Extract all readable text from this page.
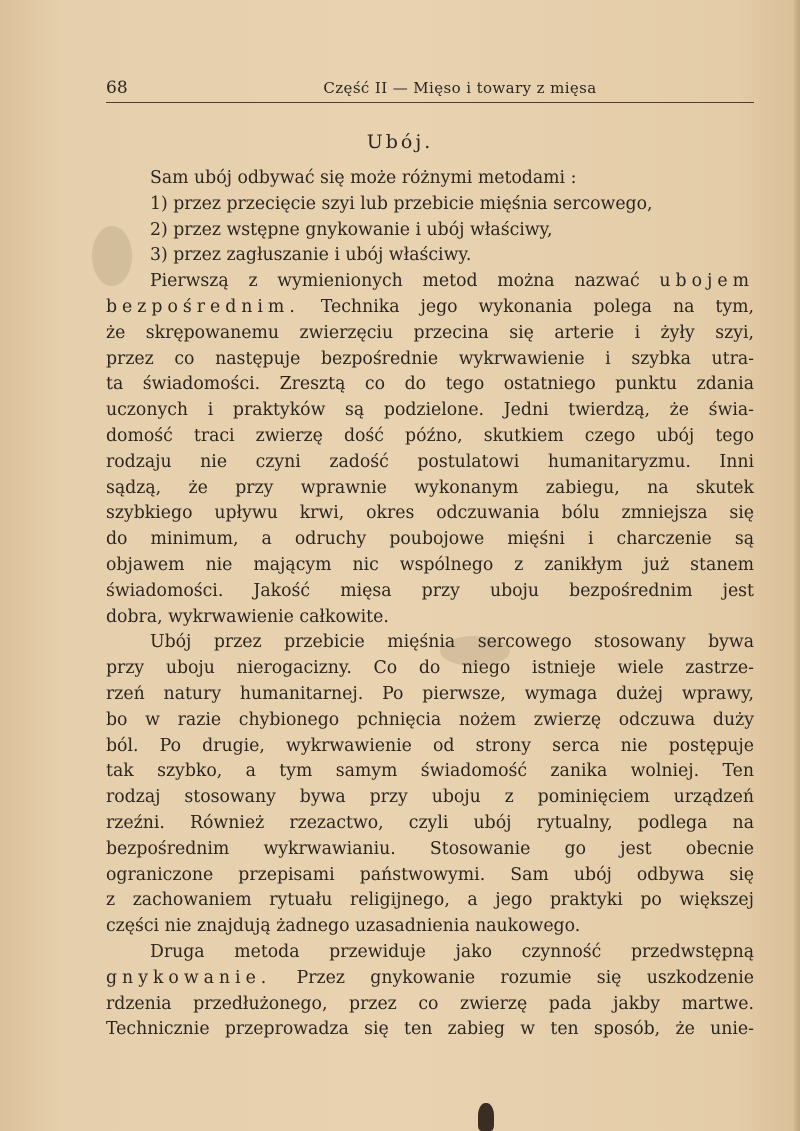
68	Część II — Mięso i towary z mięsa
Ubój.
Sam ubój odbywać się może różnymi metodami :
1) przez przecięcie szyi lub przebicie mięśnia sercowego,
2) przez wstępne gnykowanie i ubój właściwy,
3) przez zagłuszanie i ubój właściwy.
Pierwszą z wymienionych metod można nazwać ubojem
bezpośrednim. Technika jego wykonania polega na tym,
że skrępowanemu zwierzęciu przecina się arterie i żyły szyi,
przez co następuje bezpośrednie wykrwawienie i szybka utra-
ta świadomości. Zresztą co do tego ostatniego punktu zdania
uczonych i praktyków są podzielone. Jedni twierdzą, że świa-
domość traci zwierzę dość późno, skutkiem czego ubój tego
rodzaju nie czyni zadość postulatowi humanitaryzmu. Inni
sądzą, że przy wprawnie wykonanym zabiegu, na skutek
szybkiego upływu krwi, okres odczuwania bólu zmniejsza się
do minimum, a odruchy poubojowe mięśni i charczenie są
objawem nie mającym nic wspólnego z zanikłym już stanem
świadomości. Jakość mięsa przy uboju bezpośrednim jest
dobra, wykrwawienie całkowite.
Ubój przez przebicie mięśnia sercowego stosowany bywa
przy uboju nierogacizny. Co do niego istnieje wiele zastrze-
rzeń natury humanitarnej. Po pierwsze, wymaga dużej wprawy,
bo w razie chybionego pchnięcia nożem zwierzę odczuwa duży
ból. Po drugie, wykrwawienie od strony serca nie postępuje
tak szybko, a tym samym świadomość zanika wolniej. Ten
rodzaj stosowany bywa przy uboju z pominięciem urządzeń
rzeźni. Również rzezactwo, czyli ubój rytualny, podlega na
bezpośrednim wykrwawianiu. Stosowanie go jest obecnie
ograniczone przepisami państwowymi. Sam ubój odbywa się
z zachowaniem rytuału religijnego, a jego praktyki po większej
części nie znajdują żadnego uzasadnienia naukowego.
Druga metoda przewiduje jako czynność przedwstępną
gnykowanie. Przez gnykowanie rozumie się uszkodzenie
rdzenia przedłużonego, przez co zwierzę pada jakby martwe.
Technicznie przeprowadza się ten zabieg w ten sposób, że unie-
